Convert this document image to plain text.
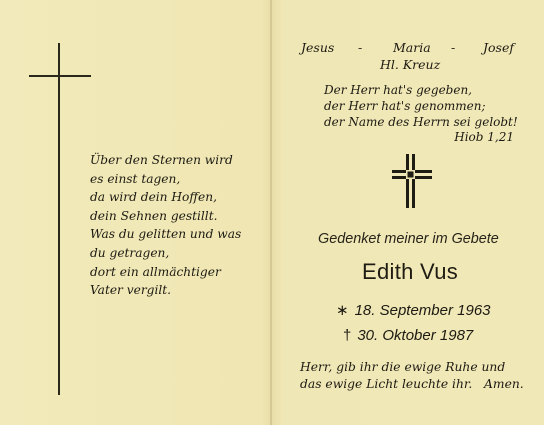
Über den Sternen wird
es einst tagen,
da wird dein Hoffen,
dein Sehnen gestillt.
Was du gelitten und was
du getragen,
dort ein allmächtiger
Vater vergilt.
Jesus - Maria - Josef
Hl. Kreuz
Der Herr hat's gegeben,
der Herr hat's genommen;
der Name des Herrn sei gelobt!
Hiob 1,21
Gedenket meiner im Gebete
Edith Vus
∗ 18. September 1963
† 30. Oktober 1987
Herr, gib ihr die ewige Ruhe und
das ewige Licht leuchte ihr.   Amen.
